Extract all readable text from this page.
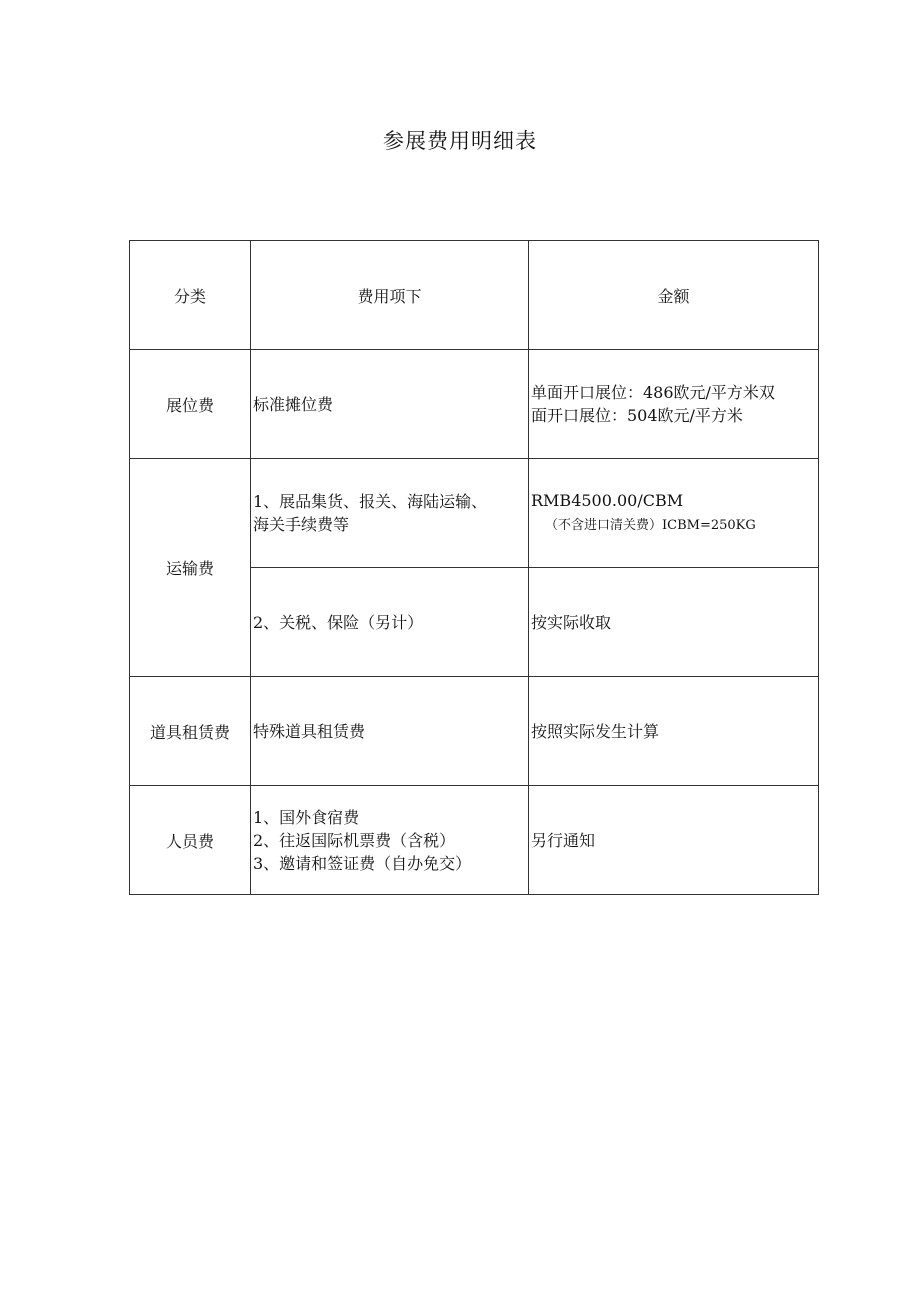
参展费用明细表
分类	费用项下	金额
展位费	标准摊位费	单面开口展位：486欧元/平方米双
面开口展位：504欧元/平方米

运输费	1、展品集货、报关、海陆运输、
海关手续费等	RMB4500.00/CBM
（不含进口清关费）ICBM=250KG

	2、关税、保险（另计）	按实际收取
道具租赁费	特殊道具租赁费	按照实际发生计算
人员费	1、国外食宿费
2、往返国际机票费（含税）
3、邀请和签证费（自办免交）	另行通知
